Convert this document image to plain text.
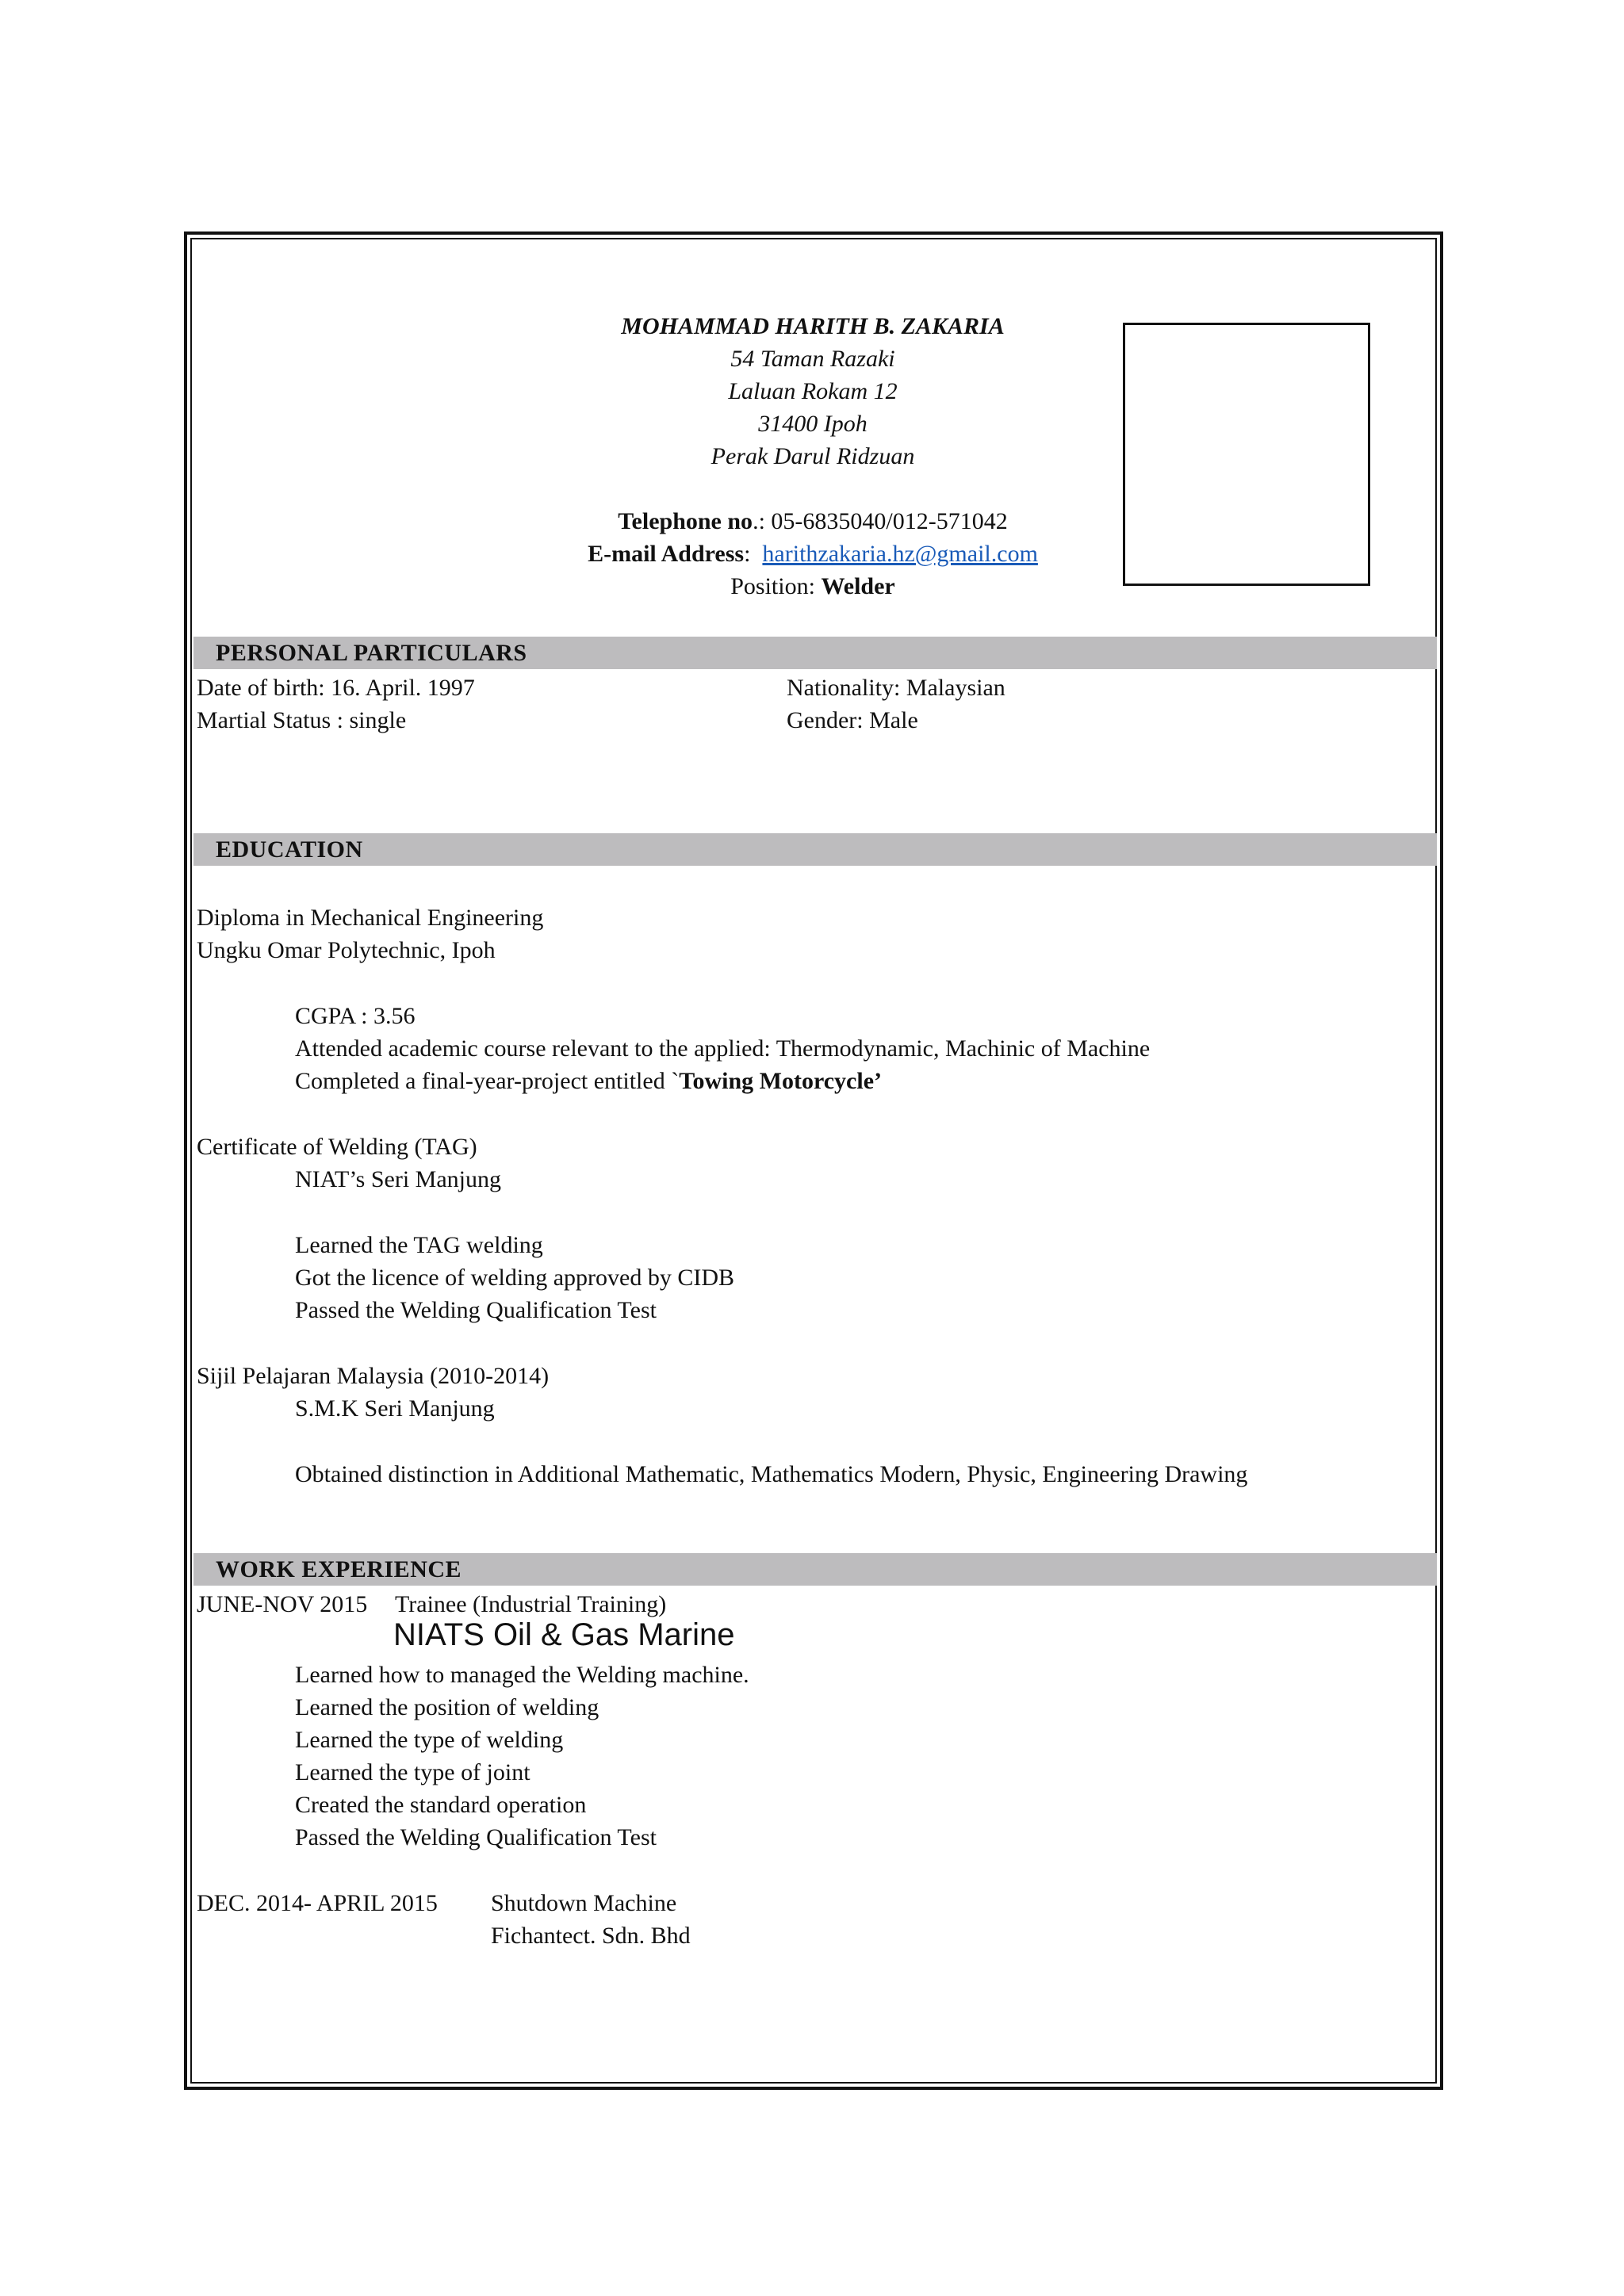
MOHAMMAD HARITH B. ZAKARIA
54 Taman Razaki
Laluan Rokam 12
31400 Ipoh
Perak Darul Ridzuan
Telephone no.: 05-6835040/012-571042
E-mail Address: harithzakaria.hz@gmail.com
Position: Welder
PERSONAL PARTICULARS
Date of birth: 16. April. 1997
Martial Status : single
Nationality: Malaysian
Gender: Male
EDUCATION
Diploma in Mechanical Engineering
Ungku Omar Polytechnic, Ipoh
CGPA : 3.56
Attended academic course relevant to the applied: Thermodynamic, Machinic of Machine
Completed a final-year-project entitled `Towing Motorcycle’
Certificate of Welding (TAG)
NIAT’s Seri Manjung
Learned the TAG welding
Got the licence of welding approved by CIDB
Passed the Welding Qualification Test
Sijil Pelajaran Malaysia (2010-2014)
S.M.K Seri Manjung
Obtained distinction in Additional Mathematic, Mathematics Modern, Physic, Engineering Drawing
WORK EXPERIENCE
JUNE-NOV 2015 Trainee (Industrial Training)
NIATS Oil & Gas Marine
Learned how to managed the Welding machine.
Learned the position of welding
Learned the type of welding
Learned the type of joint
Created the standard operation
Passed the Welding Qualification Test
DEC. 2014- APRIL 2015 Shutdown Machine
Fichantect. Sdn. Bhd
